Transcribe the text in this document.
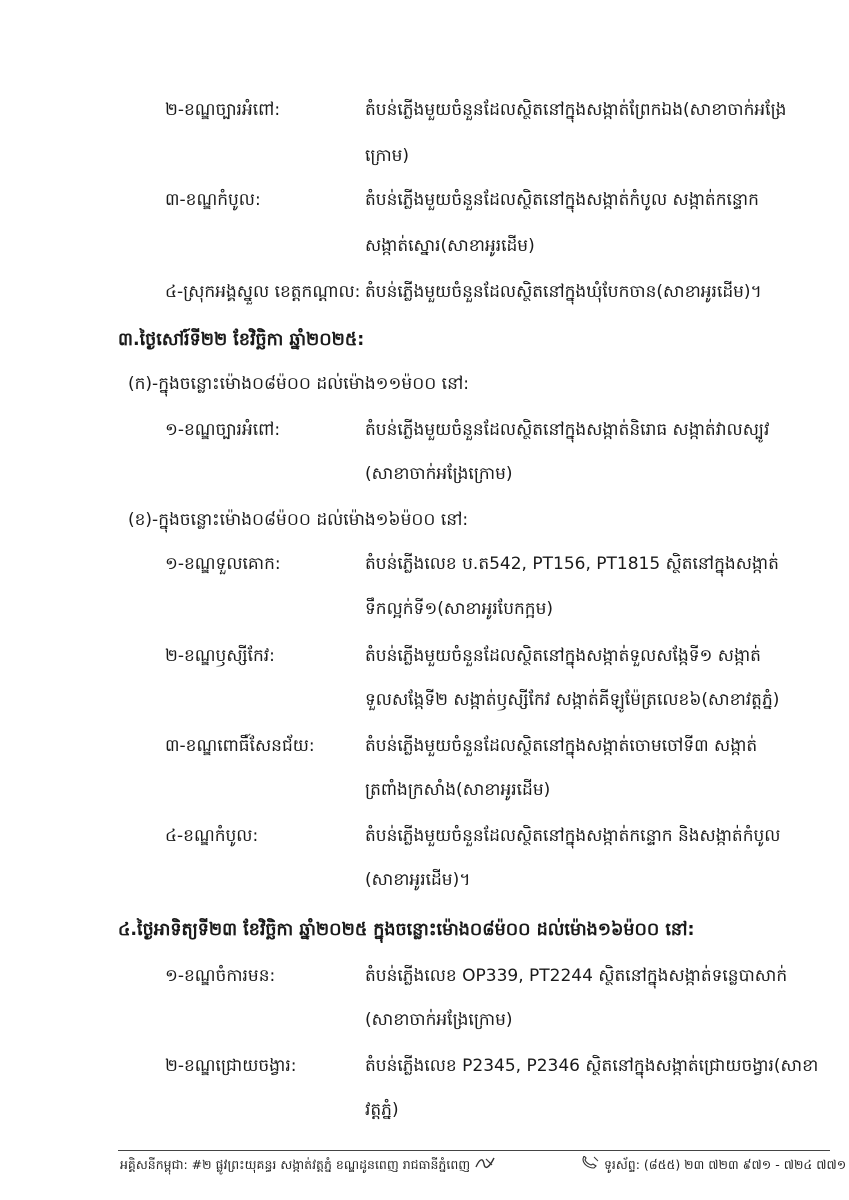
២-ខណ្ឌច្បារអំពៅ:	តំបន់ភ្លើងមួយចំនួនដែលស្ថិតនៅក្នុងសង្កាត់ព្រែកឯង(សាខាចាក់អង្រែ
ក្រោម)
៣-ខណ្ឌកំបូល:	តំបន់ភ្លើងមួយចំនួនដែលស្ថិតនៅក្នុងសង្កាត់កំបូល សង្កាត់កន្ទោក
សង្កាត់ស្នោរ(សាខាអូរដើម)
៤-ស្រុកអង្គស្នួល ខេត្តកណ្តាល: តំបន់ភ្លើងមួយចំនួនដែលស្ថិតនៅក្នុងឃុំបែកចាន(សាខាអូរដើម)។
៣.ថ្ងៃសៅរ៍ទី២២ ខែវិច្ឆិកា ឆ្នាំ២០២៥:
(ក)-ក្នុងចន្លោះម៉ោង០៨ម៉០០ ដល់ម៉ោង១១ម៉០០ នៅ:
១-ខណ្ឌច្បារអំពៅ:	តំបន់ភ្លើងមួយចំនួនដែលស្ថិតនៅក្នុងសង្កាត់និរោធ សង្កាត់វាលស្បូវ
(សាខាចាក់អង្រែក្រោម)
(ខ)-ក្នុងចន្លោះម៉ោង០៨ម៉០០ ដល់ម៉ោង១៦ម៉០០ នៅ:
១-ខណ្ឌទួលគោក:	តំបន់ភ្លើងលេខ ប.ត542, PT156, PT1815 ស្ថិតនៅក្នុងសង្កាត់
ទឹកល្អក់ទី១(សាខាអូរបែកក្អម)
២-ខណ្ឌឫស្សីកែវ:	តំបន់ភ្លើងមួយចំនួនដែលស្ថិតនៅក្នុងសង្កាត់ទួលសង្កែទី១ សង្កាត់
ទួលសង្កែទី២ សង្កាត់ឫស្សីកែវ សង្កាត់គីឡូម៉ែត្រលេខ៦(សាខាវត្តភ្នំ)
៣-ខណ្ឌពោធិ៍សែនជ័យ:	តំបន់ភ្លើងមួយចំនួនដែលស្ថិតនៅក្នុងសង្កាត់ចោមចៅទី៣ សង្កាត់
ត្រពាំងក្រសាំង(សាខាអូរដើម)
៤-ខណ្ឌកំបូល:	តំបន់ភ្លើងមួយចំនួនដែលស្ថិតនៅក្នុងសង្កាត់កន្ទោក និងសង្កាត់កំបូល
(សាខាអូរដើម)។
៤.ថ្ងៃអាទិត្យទី២៣ ខែវិច្ឆិកា ឆ្នាំ២០២៥ ក្នុងចន្លោះម៉ោង០៨ម៉០០ ដល់ម៉ោង១៦ម៉០០ នៅ:
១-ខណ្ឌចំការមន:	តំបន់ភ្លើងលេខ OP339, PT2244 ស្ថិតនៅក្នុងសង្កាត់ទន្លេបាសាក់
(សាខាចាក់អង្រែក្រោម)
២-ខណ្ឌជ្រោយចង្វារ:	តំបន់ភ្លើងលេខ P2345, P2346 ស្ថិតនៅក្នុងសង្កាត់ជ្រោយចង្វារ(សាខា
វត្តភ្នំ)
អគ្គិសនីកម្ពុជា: #២ ផ្លូវព្រះយុគន្ធរ សង្កាត់វត្តភ្នំ ខណ្ឌដូនពេញ រាជធានីភ្នំពេញ	ទូរស័ព្ទ: (៨៥៥) ២៣ ៧២៣ ៩៧១ - ៧២៤ ៧៧១
